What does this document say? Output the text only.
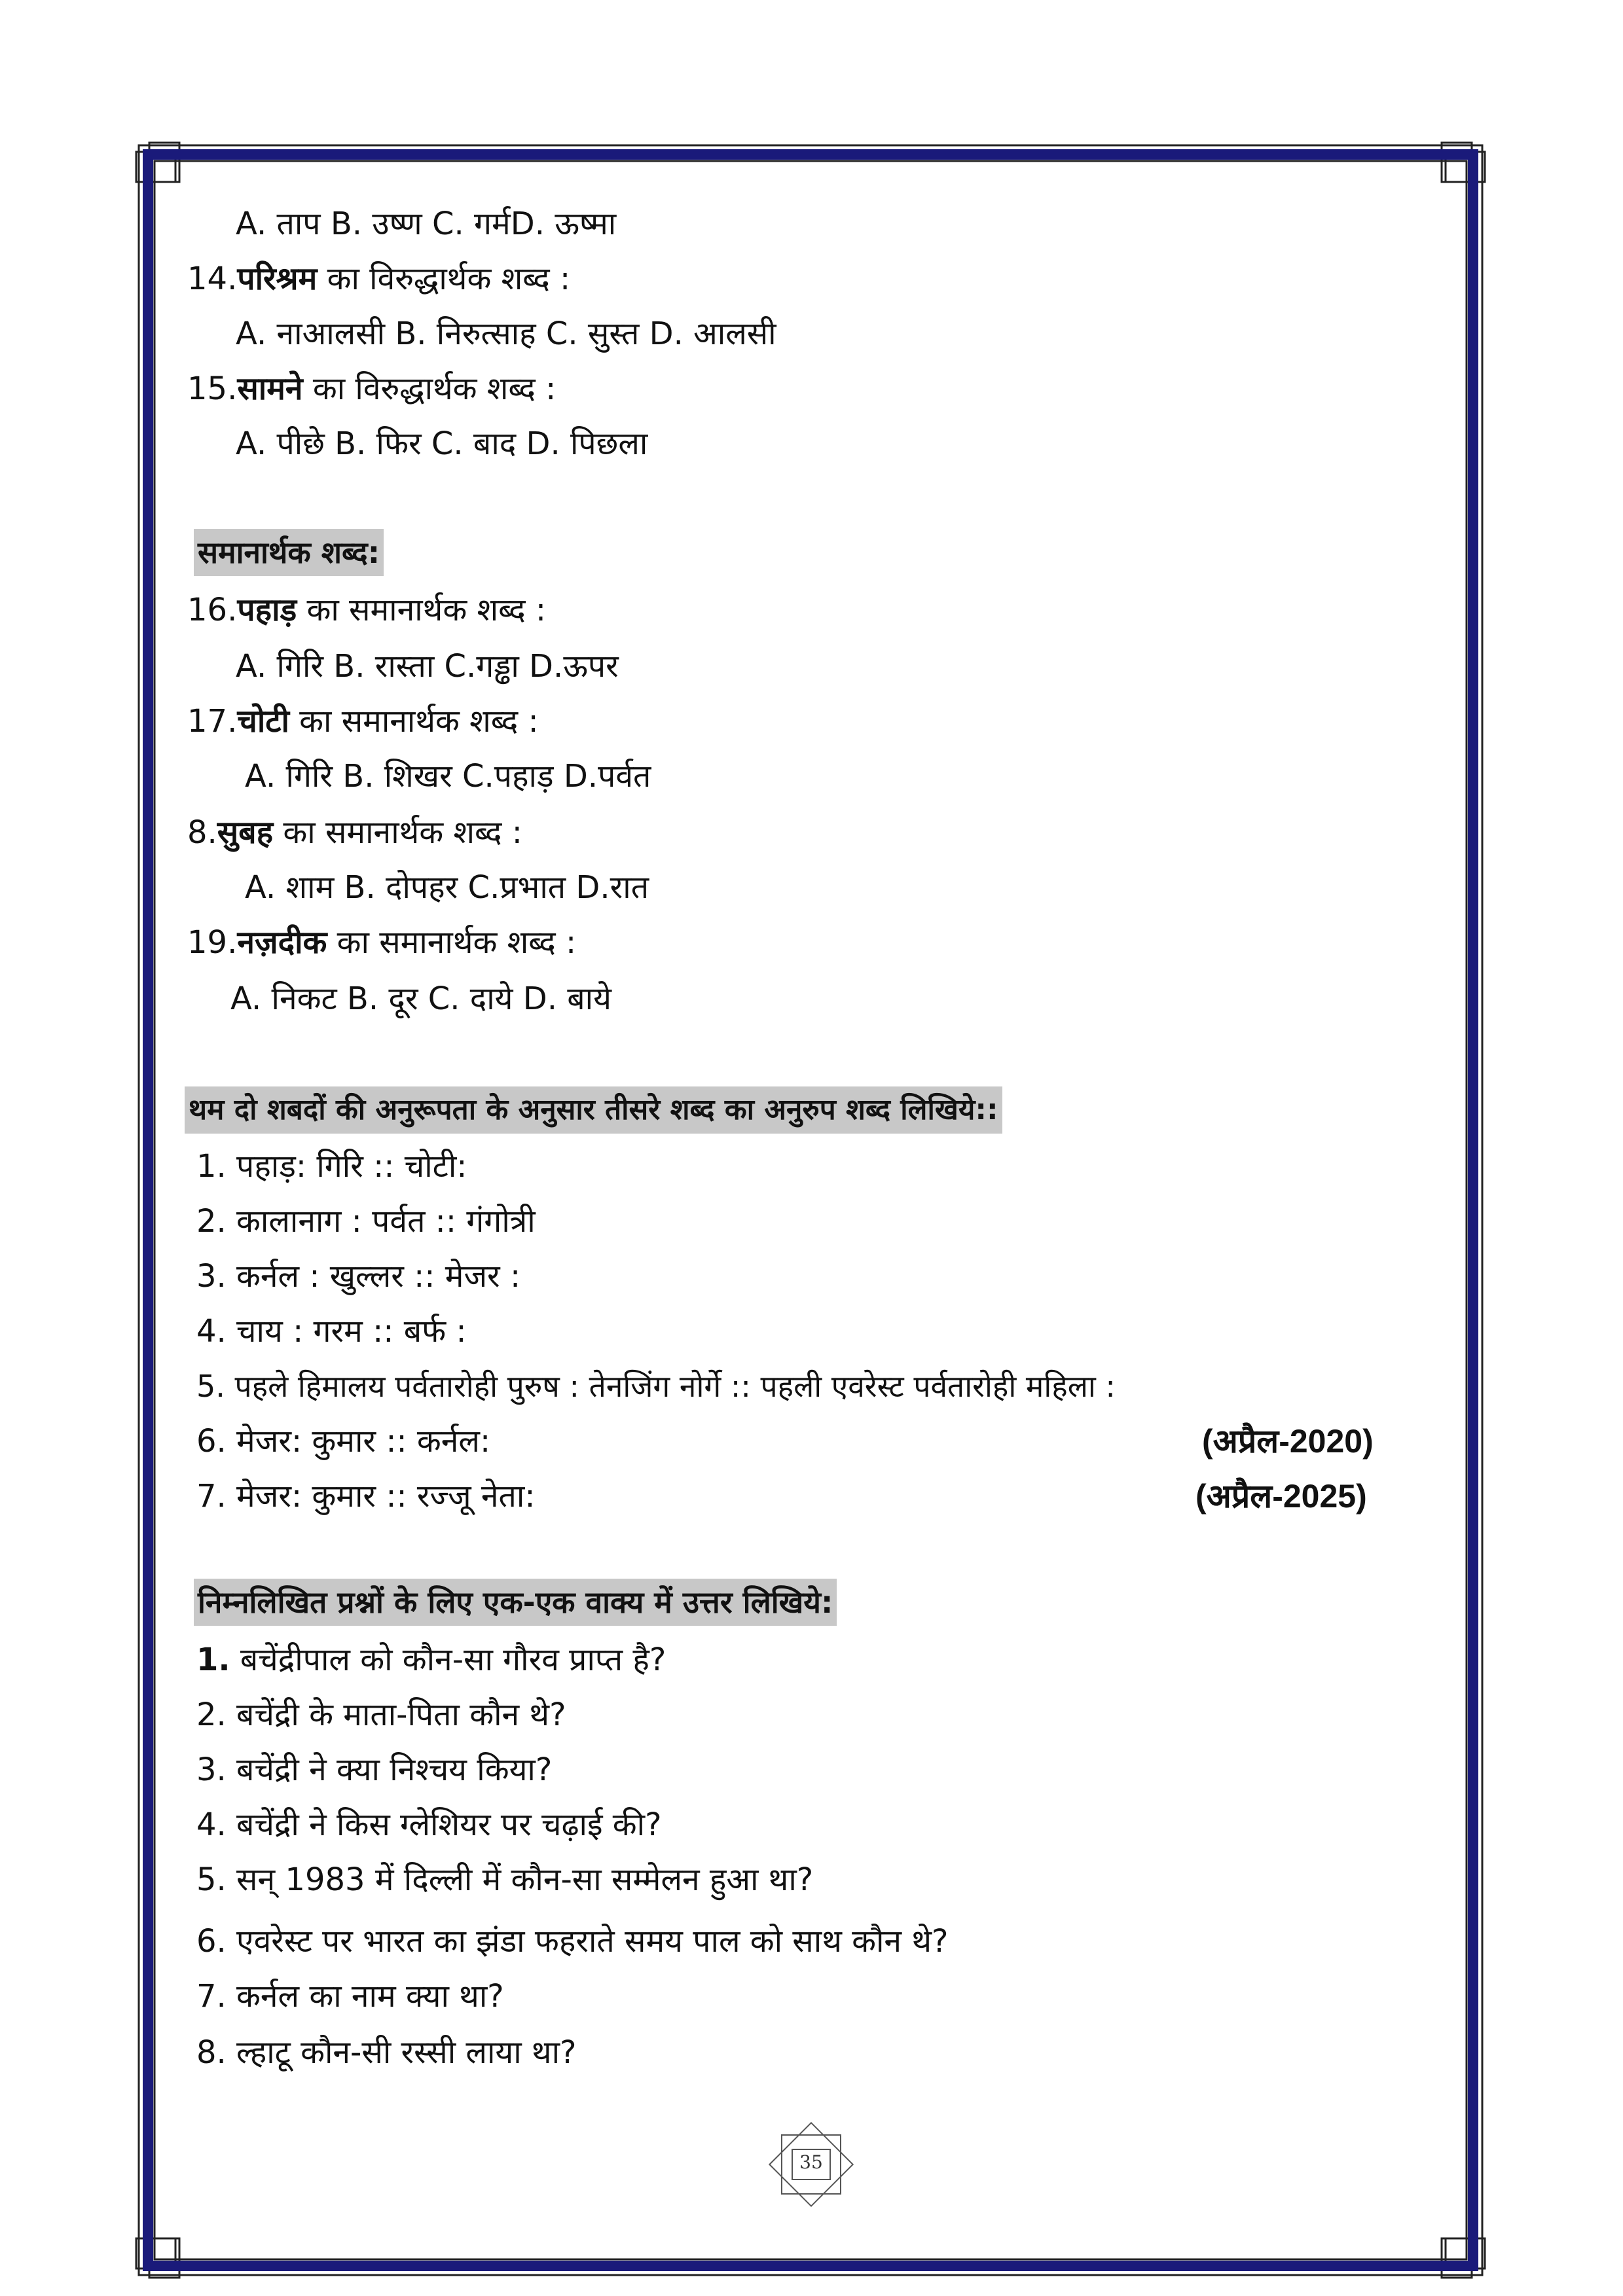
A. ताप B. उष्ण C. गर्मD. ऊष्मा
14.परिश्रम का विरुद्धार्थक शब्द :
A. नाआलसी B. निरुत्साह C. सुस्त D. आलसी
15.सामने का विरुद्धार्थक शब्द :
A. पीछे B. फिर C. बाद D. पिछला
समानार्थक शब्द:
16.पहाड़ का समानार्थक शब्द :
A. गिरि B. रास्ता C.गड्ढा D.ऊपर
17.चोटी का समानार्थक शब्द :
A. गिरि B. शिखर C.पहाड़ D.पर्वत
8.सुबह का समानार्थक शब्द :
A. शाम B. दोपहर C.प्रभात D.रात
19.नज़दीक का समानार्थक शब्द :
A. निकट B. दूर C. दाये D. बाये
थम दो शबदों की अनुरूपता के अनुसार तीसरे शब्द का अनुरुप शब्द लिखिये::
1. पहाड़: गिरि :: चोटी:
2. कालानाग : पर्वत :: गंगोत्री
3. कर्नल : खुल्लर :: मेजर :
4. चाय : गरम :: बर्फ :
5. पहले हिमालय पर्वतारोही पुरुष : तेनजिंग नोर्गे :: पहली एवरेस्ट पर्वतारोही महिला :
6. मेजर: कुमार :: कर्नल:	(अप्रैल-2020)
7. मेजर: कुमार :: रज्जू नेता:	(अप्रैल-2025)
निम्नलिखित प्रश्नों के लिए एक-एक वाक्य में उत्तर लिखिये:
1. बचेंद्रीपाल को कौन-सा गौरव प्राप्त है?
2. बचेंद्री के माता-पिता कौन थे?
3. बचेंद्री ने क्या निश्चय किया?
4. बचेंद्री ने किस ग्लेशियर पर चढ़ाई की?
5. सन् 1983 में दिल्ली में कौन-सा सम्मेलन हुआ था?
6. एवरेस्ट पर भारत का झंडा फहराते समय पाल को साथ कौन थे?
7. कर्नल का नाम क्या था?
8. ल्हाटू कौन-सी रस्सी लाया था?
35
